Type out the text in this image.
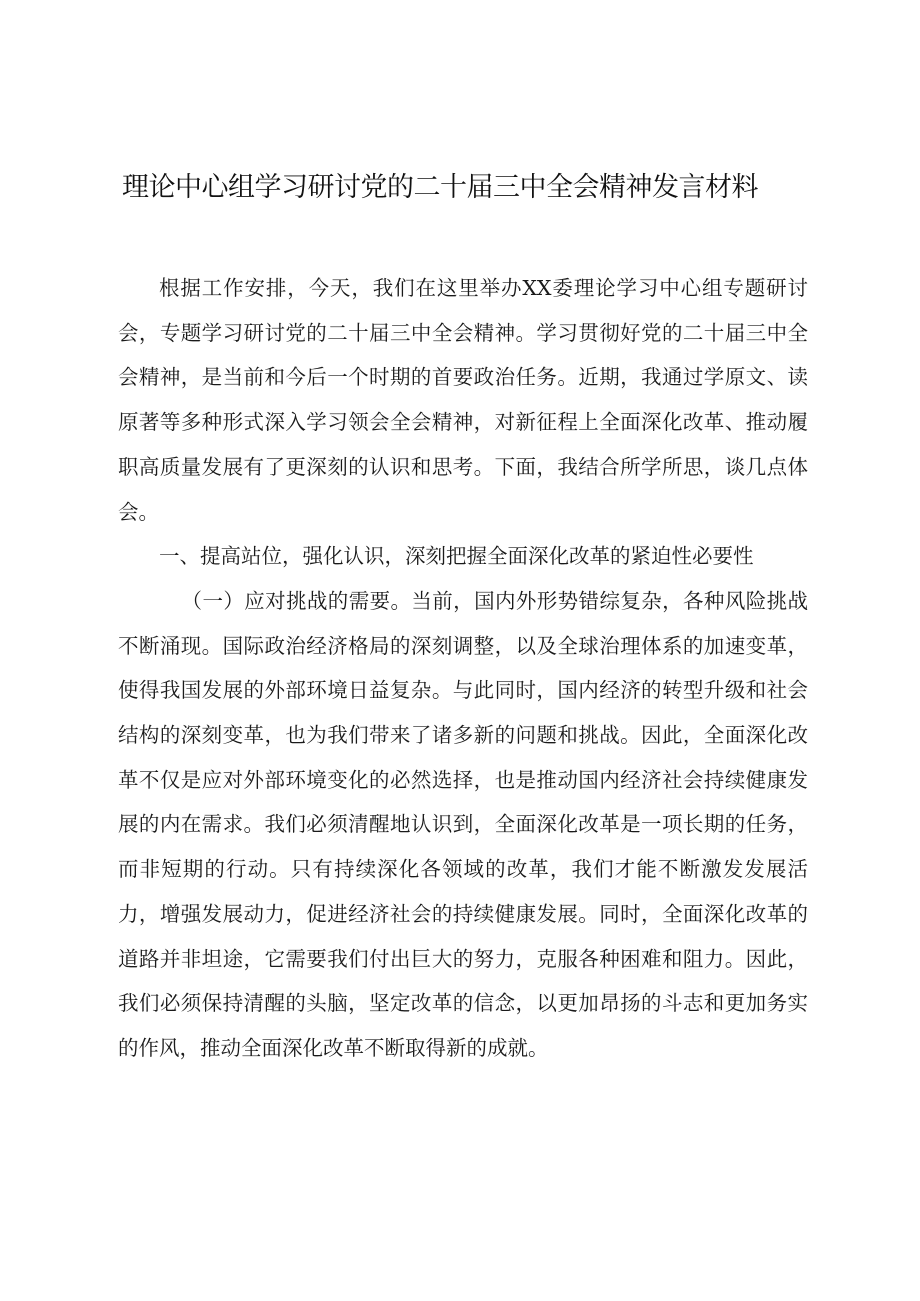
理论中心组学习研讨党的二十届三中全会精神发言材料

根据工作安排，今天，我们在这里举办XX委理论学习中心组专题研讨会，专题学习研讨党的二十届三中全会精神。学习贯彻好党的二十届三中全会精神，是当前和今后一个时期的首要政治任务。近期，我通过学原文、读原著等多种形式深入学习领会全会精神，对新征程上全面深化改革、推动履职高质量发展有了更深刻的认识和思考。下面，我结合所学所思，谈几点体会。

一、提高站位，强化认识，深刻把握全面深化改革的紧迫性必要性

（一）应对挑战的需要。当前，国内外形势错综复杂，各种风险挑战不断涌现。国际政治经济格局的深刻调整，以及全球治理体系的加速变革，使得我国发展的外部环境日益复杂。与此同时，国内经济的转型升级和社会结构的深刻变革，也为我们带来了诸多新的问题和挑战。因此，全面深化改革不仅是应对外部环境变化的必然选择，也是推动国内经济社会持续健康发展的内在需求。我们必须清醒地认识到，全面深化改革是一项长期的任务，而非短期的行动。只有持续深化各领域的改革，我们才能不断激发发展活力，增强发展动力，促进经济社会的持续健康发展。同时，全面深化改革的道路并非坦途，它需要我们付出巨大的努力，克服各种困难和阻力。因此，我们必须保持清醒的头脑，坚定改革的信念，以更加昂扬的斗志和更加务实的作风，推动全面深化改革不断取得新的成就。
